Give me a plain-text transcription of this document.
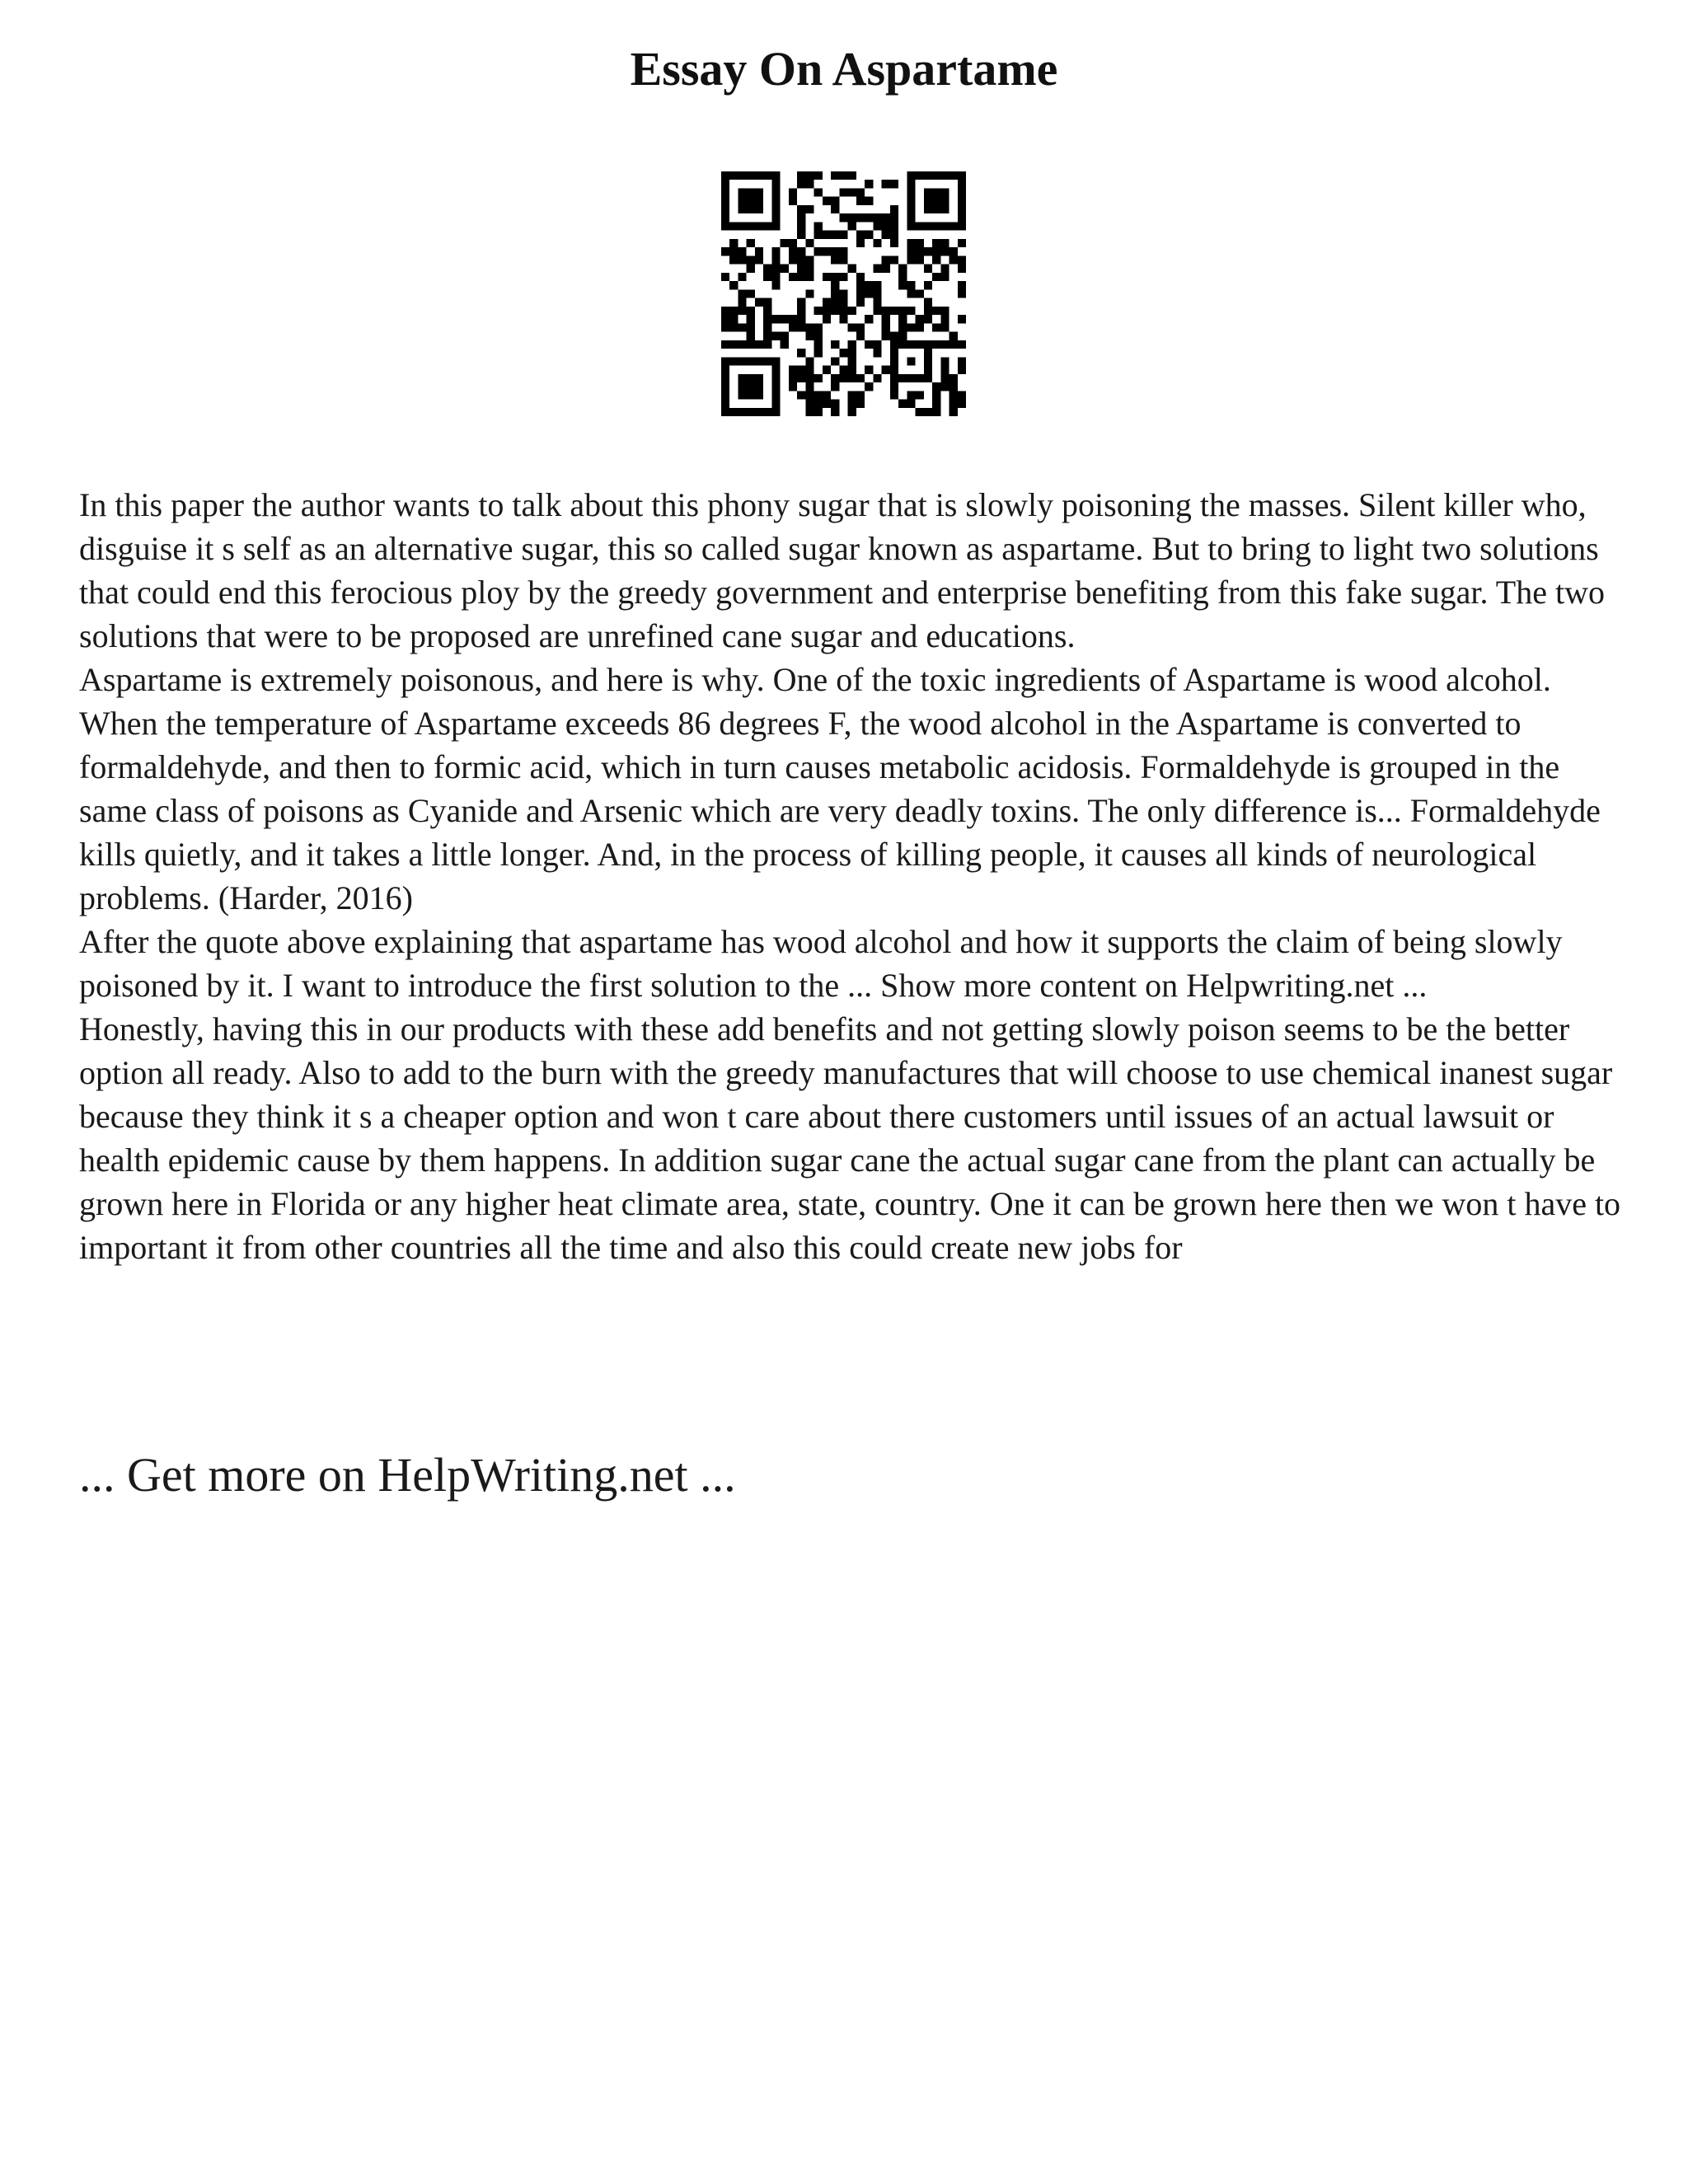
Essay On Aspartame

In this paper the author wants to talk about this phony sugar that is slowly poisoning the masses. Silent killer who, disguise it s self as an alternative sugar, this so called sugar known as aspartame. But to bring to light two solutions that could end this ferocious ploy by the greedy government and enterprise benefiting from this fake sugar. The two solutions that were to be proposed are unrefined cane sugar and educations.

Aspartame is extremely poisonous, and here is why. One of the toxic ingredients of Aspartame is wood alcohol. When the temperature of Aspartame exceeds 86 degrees F, the wood alcohol in the Aspartame is converted to formaldehyde, and then to formic acid, which in turn causes metabolic acidosis. Formaldehyde is grouped in the same class of poisons as Cyanide and Arsenic which are very deadly toxins. The only difference is... Formaldehyde kills quietly, and it takes a little longer. And, in the process of killing people, it causes all kinds of neurological problems. (Harder, 2016)

After the quote above explaining that aspartame has wood alcohol and how it supports the claim of being slowly poisoned by it. I want to introduce the first solution to the ... Show more content on Helpwriting.net ...

Honestly, having this in our products with these add benefits and not getting slowly poison seems to be the better option all ready. Also to add to the burn with the greedy manufactures that will choose to use chemical inanest sugar because they think it s a cheaper option and won t care about there customers until issues of an actual lawsuit or health epidemic cause by them happens. In addition sugar cane the actual sugar cane from the plant can actually be grown here in Florida or any higher heat climate area, state, country. One it can be grown here then we won t have to important it from other countries all the time and also this could create new jobs for

... Get more on HelpWriting.net ...
